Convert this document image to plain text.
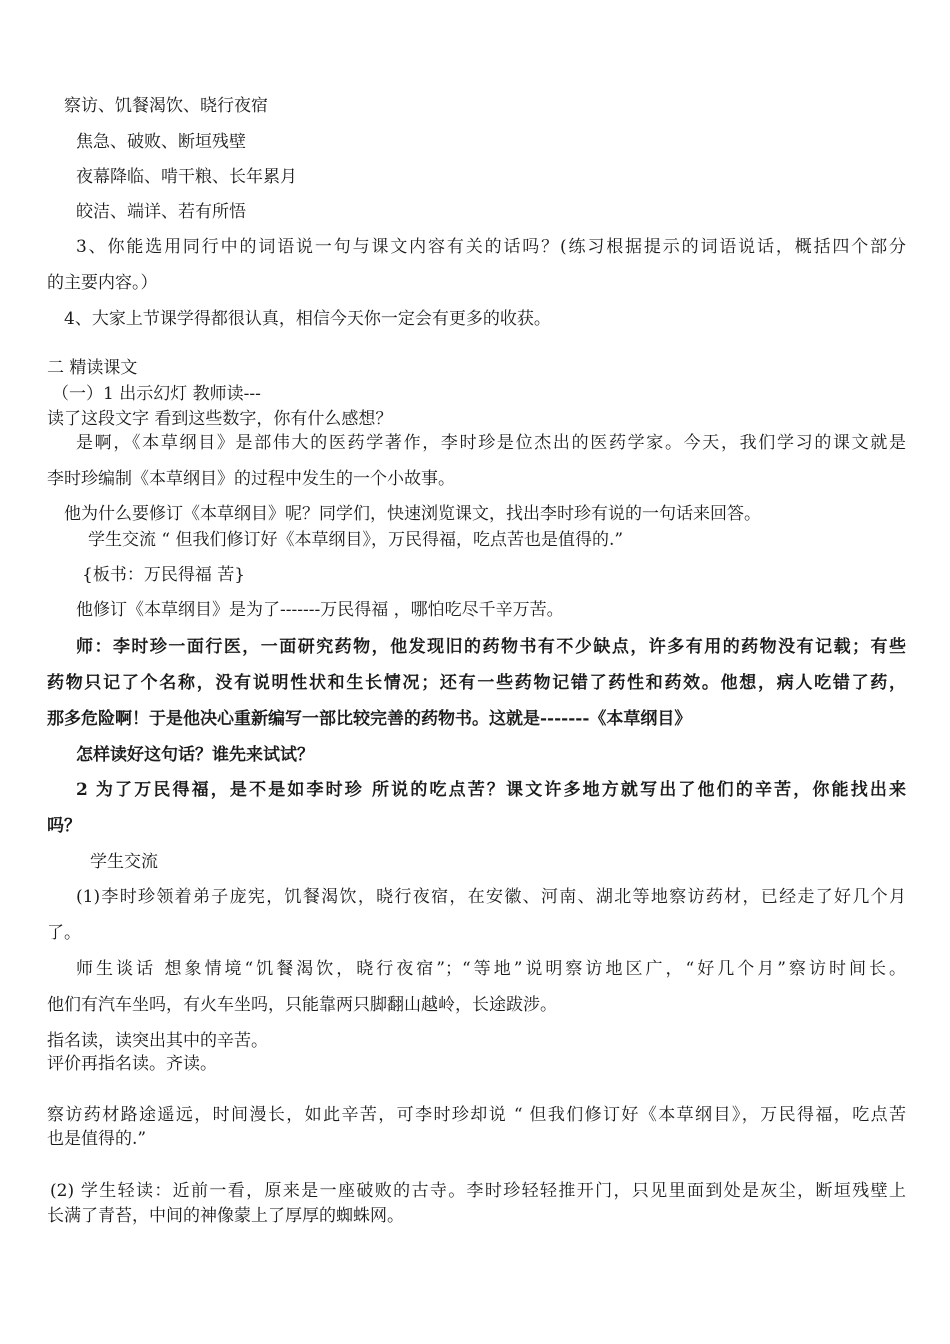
察访、饥餐渴饮、晓行夜宿
焦急、破败、断垣残壁
夜幕降临、啃干粮、长年累月
皎洁、端详、若有所悟
3、你能选用同行中的词语说一句与课文内容有关的话吗？(练习根据提示的词语说话，概括四个部分
的主要内容。）
4、大家上节课学得都很认真，相信今天你一定会有更多的收获。
二 精读课文
（一）1 出示幻灯 教师读---
读了这段文字 看到这些数字，你有什么感想？
是啊，《本草纲目》是部伟大的医药学著作，李时珍是位杰出的医药学家。今天，我们学习的课文就是
李时珍编制《本草纲目》的过程中发生的一个小故事。
他为什么要修订《本草纲目》呢？同学们，快速浏览课文，找出李时珍有说的一句话来回答。
学生交流 “ 但我们修订好《本草纲目》，万民得福，吃点苦也是值得的.”
{板书：万民得福 苦}
他修订《本草纲目》是为了-------万民得福 ，哪怕吃尽千辛万苦。
师：李时珍一面行医，一面研究药物，他发现旧的药物书有不少缺点，许多有用的药物没有记载；有些
药物只记了个名称，没有说明性状和生长情况；还有一些药物记错了药性和药效。他想，病人吃错了药，
那多危险啊！于是他决心重新编写一部比较完善的药物书。这就是-------《本草纲目》
怎样读好这句话？谁先来试试？
2 为了万民得福，是不是如李时珍 所说的吃点苦？课文许多地方就写出了他们的辛苦，你能找出来
吗？
学生交流
(1)李时珍领着弟子庞宪，饥餐渴饮，晓行夜宿，在安徽、河南、湖北等地察访药材，已经走了好几个月
了。
师生谈话 想象情境“饥餐渴饮，晓行夜宿”；“等地”说明察访地区广，“好几个月”察访时间长。
他们有汽车坐吗，有火车坐吗，只能靠两只脚翻山越岭，长途跋涉。
指名读，读突出其中的辛苦。
评价再指名读。齐读。
察访药材路途遥远，时间漫长，如此辛苦，可李时珍却说 “ 但我们修订好《本草纲目》，万民得福，吃点苦
也是值得的.”
(2) 学生轻读：近前一看，原来是一座破败的古寺。李时珍轻轻推开门，只见里面到处是灰尘，断垣残壁上
长满了青苔，中间的神像蒙上了厚厚的蜘蛛网。
